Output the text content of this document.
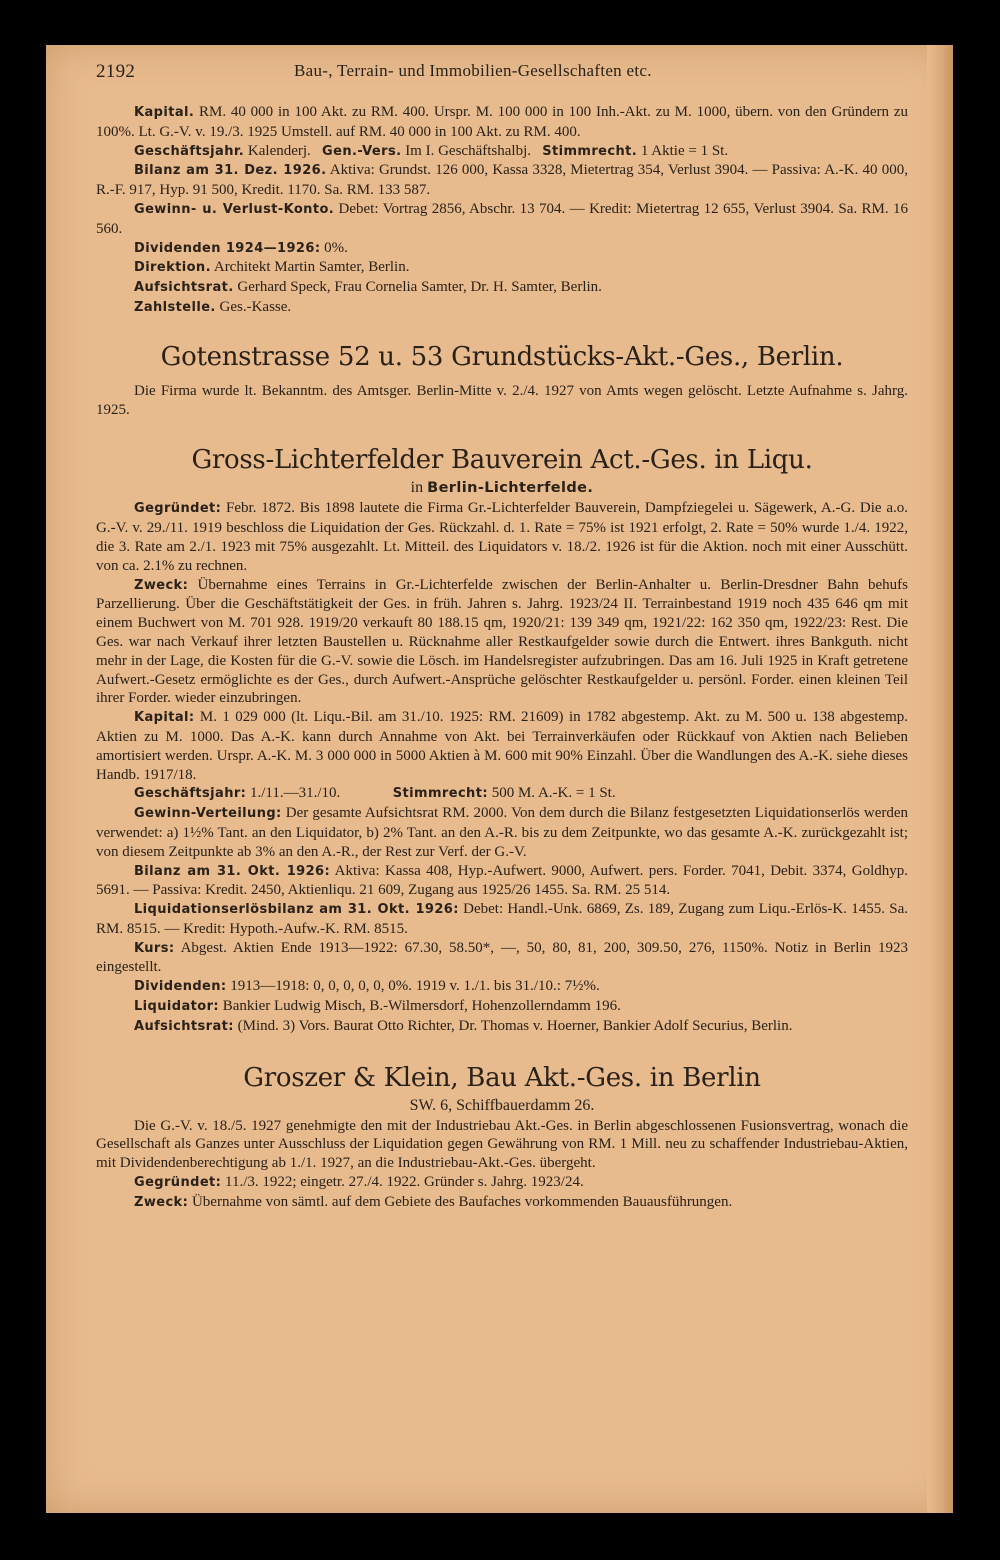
2192	Bau-, Terrain- und Immobilien-Gesellschaften etc.

Kapital. RM. 40 000 in 100 Akt. zu RM. 400. Urspr. M. 100 000 in 100 Inh.-Akt. zu M. 1000, übern. von den Gründern zu 100%. Lt. G.-V. v. 19./3. 1925 Umstell. auf RM. 40 000 in 100 Akt. zu RM. 400.

Geschäftsjahr. Kalenderj. Gen.-Vers. Im I. Geschäftshalbj. Stimmrecht. 1 Aktie = 1 St.

Bilanz am 31. Dez. 1926. Aktiva: Grundst. 126 000, Kassa 3328, Mietertrag 354, Verlust 3904. — Passiva: A.-K. 40 000, R.-F. 917, Hyp. 91 500, Kredit. 1170. Sa. RM. 133 587.

Gewinn- u. Verlust-Konto. Debet: Vortrag 2856, Abschr. 13 704. — Kredit: Mietertrag 12 655, Verlust 3904. Sa. RM. 16 560.

Dividenden 1924—1926: 0%.

Direktion. Architekt Martin Samter, Berlin.

Aufsichtsrat. Gerhard Speck, Frau Cornelia Samter, Dr. H. Samter, Berlin.

Zahlstelle. Ges.-Kasse.

Gotenstrasse 52 u. 53 Grundstücks-Akt.-Ges., Berlin.

Die Firma wurde lt. Bekanntm. des Amtsger. Berlin-Mitte v. 2./4. 1927 von Amts wegen gelöscht. Letzte Aufnahme s. Jahrg. 1925.

Gross-Lichterfelder Bauverein Act.-Ges. in Liqu.
in Berlin-Lichterfelde.

Gegründet: Febr. 1872. Bis 1898 lautete die Firma Gr.-Lichterfelder Bauverein, Dampfziegelei u. Sägewerk, A.-G. Die a.o. G.-V. v. 29./11. 1919 beschloss die Liquidation der Ges. Rückzahl. d. 1. Rate = 75% ist 1921 erfolgt, 2. Rate = 50% wurde 1./4. 1922, die 3. Rate am 2./1. 1923 mit 75% ausgezahlt. Lt. Mitteil. des Liquidators v. 18./2. 1926 ist für die Aktion. noch mit einer Ausschütt. von ca. 2.1% zu rechnen.

Zweck: Übernahme eines Terrains in Gr.-Lichterfelde zwischen der Berlin-Anhalter u. Berlin-Dresdner Bahn behufs Parzellierung. Über die Geschäftstätigkeit der Ges. in früh. Jahren s. Jahrg. 1923/24 II. Terrainbestand 1919 noch 435 646 qm mit einem Buchwert von M. 701 928. 1919/20 verkauft 80 188.15 qm, 1920/21: 139 349 qm, 1921/22: 162 350 qm, 1922/23: Rest. Die Ges. war nach Verkauf ihrer letzten Baustellen u. Rücknahme aller Restkaufgelder sowie durch die Entwert. ihres Bankguth. nicht mehr in der Lage, die Kosten für die G.-V. sowie die Lösch. im Handelsregister aufzubringen. Das am 16. Juli 1925 in Kraft getretene Aufwert.-Gesetz ermöglichte es der Ges., durch Aufwert.-Ansprüche gelöschter Restkaufgelder u. persönl. Forder. einen kleinen Teil ihrer Forder. wieder einzubringen.

Kapital: M. 1 029 000 (lt. Liqu.-Bil. am 31./10. 1925: RM. 21609) in 1782 abgestemp. Akt. zu M. 500 u. 138 abgestemp. Aktien zu M. 1000. Das A.-K. kann durch Annahme von Akt. bei Terrainverkäufen oder Rückkauf von Aktien nach Belieben amortisiert werden. Urspr. A.-K. M. 3 000 000 in 5000 Aktien à M. 600 mit 90% Einzahl. Über die Wandlungen des A.-K. siehe dieses Handb. 1917/18.

Geschäftsjahr: 1./11.—31./10.	Stimmrecht: 500 M. A.-K. = 1 St.

Gewinn-Verteilung: Der gesamte Aufsichtsrat RM. 2000. Von dem durch die Bilanz festgesetzten Liquidationserlös werden verwendet: a) 1½% Tant. an den Liquidator, b) 2% Tant. an den A.-R. bis zu dem Zeitpunkte, wo das gesamte A.-K. zurückgezahlt ist; von diesem Zeitpunkte ab 3% an den A.-R., der Rest zur Verf. der G.-V.

Bilanz am 31. Okt. 1926: Aktiva: Kassa 408, Hyp.-Aufwert. 9000, Aufwert. pers. Forder. 7041, Debit. 3374, Goldhyp. 5691. — Passiva: Kredit. 2450, Aktienliqu. 21 609, Zugang aus 1925/26 1455. Sa. RM. 25 514.

Liquidationserlösbilanz am 31. Okt. 1926: Debet: Handl.-Unk. 6869, Zs. 189, Zugang zum Liqu.-Erlös-K. 1455. Sa. RM. 8515. — Kredit: Hypoth.-Aufw.-K. RM. 8515.

Kurs: Abgest. Aktien Ende 1913—1922: 67.30, 58.50*, —, 50, 80, 81, 200, 309.50, 276, 1150%. Notiz in Berlin 1923 eingestellt.

Dividenden: 1913—1918: 0, 0, 0, 0, 0, 0%. 1919 v. 1./1. bis 31./10.: 7½%.

Liquidator: Bankier Ludwig Misch, B.-Wilmersdorf, Hohenzollerndamm 196.

Aufsichtsrat: (Mind. 3) Vors. Baurat Otto Richter, Dr. Thomas v. Hoerner, Bankier Adolf Securius, Berlin.

Groszer & Klein, Bau Akt.-Ges. in Berlin
SW. 6, Schiffbauerdamm 26.

Die G.-V. v. 18./5. 1927 genehmigte den mit der Industriebau Akt.-Ges. in Berlin abgeschlossenen Fusionsvertrag, wonach die Gesellschaft als Ganzes unter Ausschluss der Liquidation gegen Gewährung von RM. 1 Mill. neu zu schaffender Industriebau-Aktien, mit Dividendenberechtigung ab 1./1. 1927, an die Industriebau-Akt.-Ges. übergeht.

Gegründet: 11./3. 1922; eingetr. 27./4. 1922. Gründer s. Jahrg. 1923/24.

Zweck: Übernahme von sämtl. auf dem Gebiete des Baufaches vorkommenden Bauausführungen.
